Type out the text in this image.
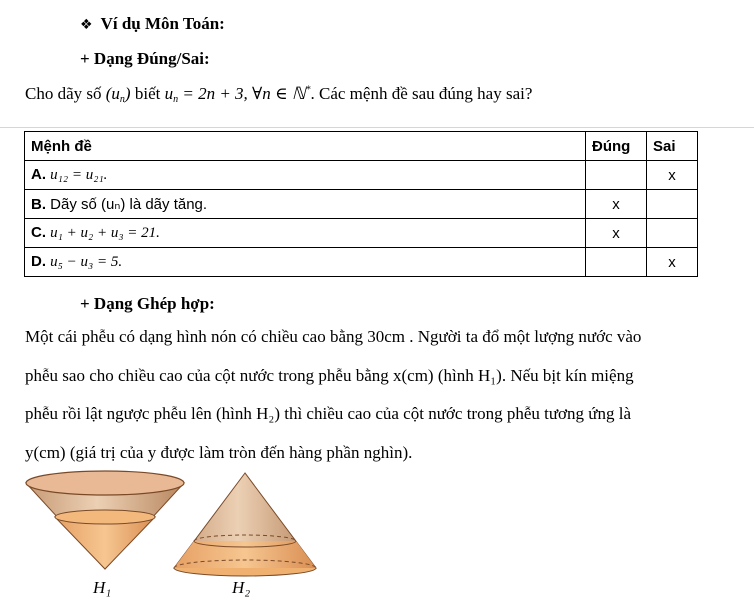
❖ Ví dụ Môn Toán:
+ Dạng Đúng/Sai:
Cho dãy số $(u_n)$ biết $u_n = 2n + 3$, ∀n ∈ ℕ*. Các mệnh đề sau đúng hay sai?
Mệnh đề	Đúng	Sai
A. u₁₂ = u₂₁.		x
B. Dãy số (uₙ) là dãy tăng.	x	
C. u₁ + u₂ + u₃ = 21.	x	
D. u₅ − u₃ = 5.		x
+ Dạng Ghép hợp:

Một cái phễu có dạng hình nón có chiều cao bằng 30cm . Người ta đổ một lượng nước vào

phễu sao cho chiều cao của cột nước trong phễu bằng x(cm) (hình H₁). Nếu bịt kín miệng

phễu rồi lật ngược phễu lên (hình H₂) thì chiều cao của cột nước trong phễu tương ứng là

y(cm) (giá trị của y được làm tròn đến hàng phần nghìn).

H₁	H₂
